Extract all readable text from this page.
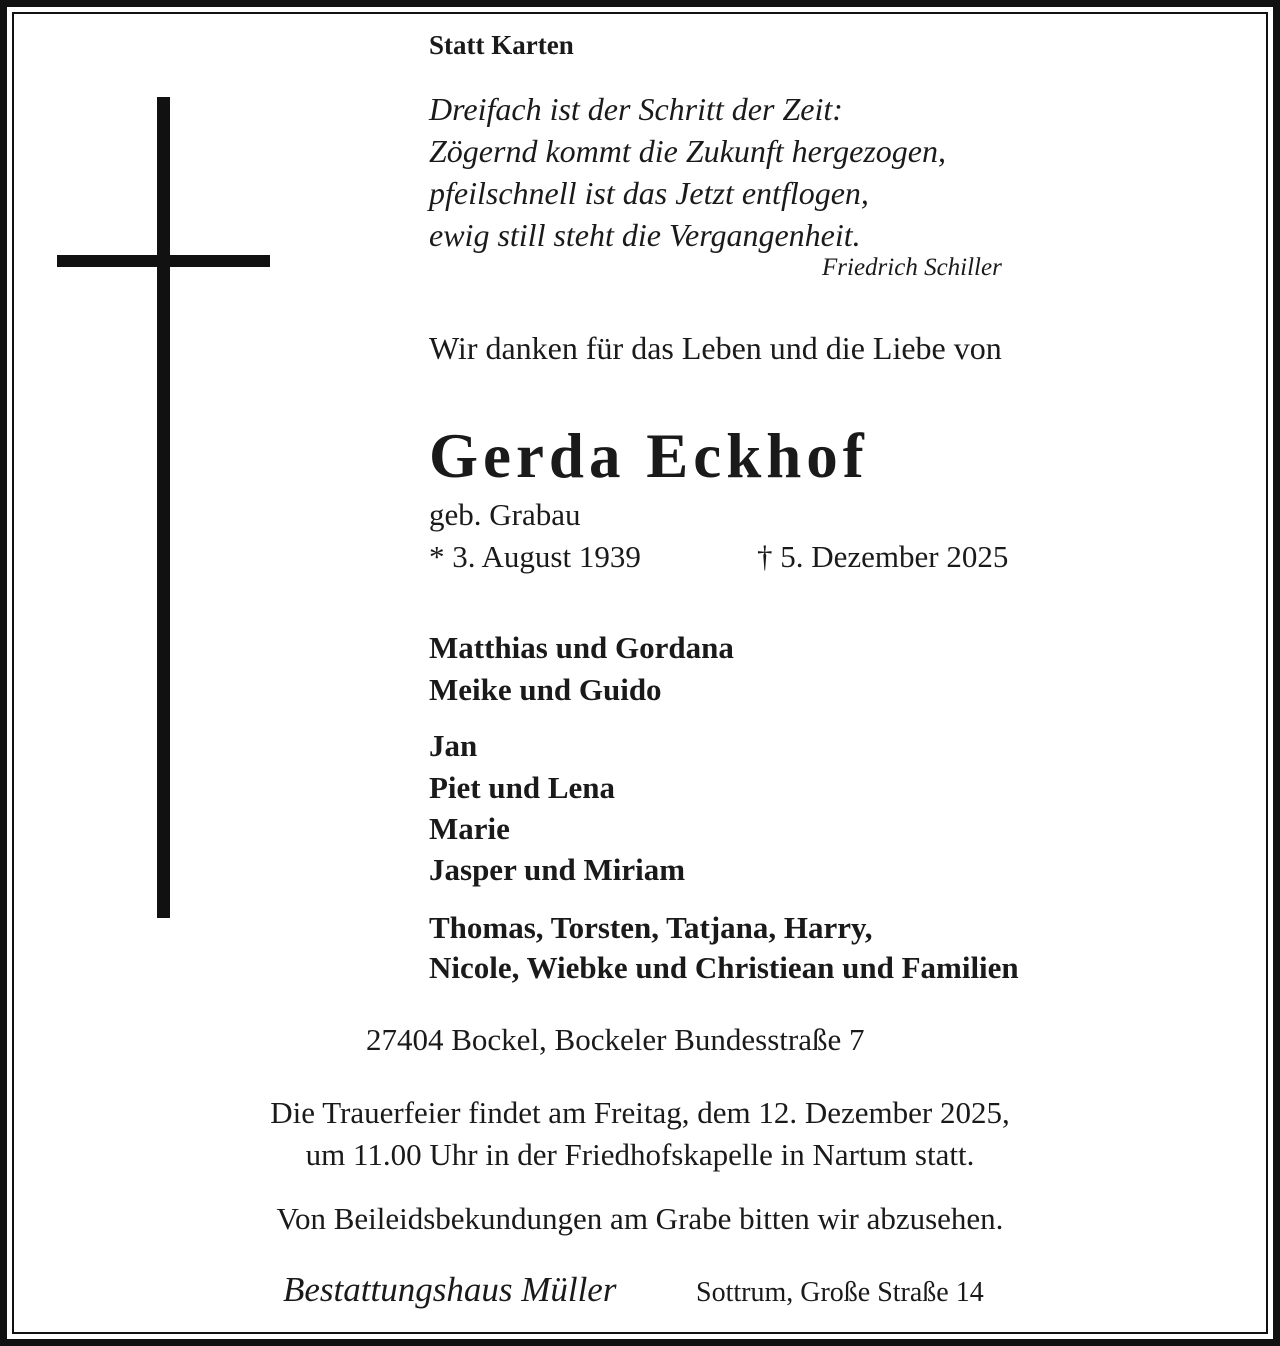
Statt Karten
Dreifach ist der Schritt der Zeit:
Zögernd kommt die Zukunft hergezogen,
pfeilschnell ist das Jetzt entflogen,
ewig still steht die Vergangenheit.
Friedrich Schiller
Wir danken für das Leben und die Liebe von
Gerda Eckhof
geb. Grabau
* 3. August 1939	† 5. Dezember 2025
Matthias und Gordana
Meike und Guido
Jan
Piet und Lena
Marie
Jasper und Miriam
Thomas, Torsten, Tatjana, Harry,
Nicole, Wiebke und Christiean und Familien
27404 Bockel, Bockeler Bundesstraße 7
Die Trauerfeier findet am Freitag, dem 12. Dezember 2025,
um 11.00 Uhr in der Friedhofskapelle in Nartum statt.
Von Beileidsbekundungen am Grabe bitten wir abzusehen.
Bestattungshaus Müller	Sottrum, Große Straße 14
